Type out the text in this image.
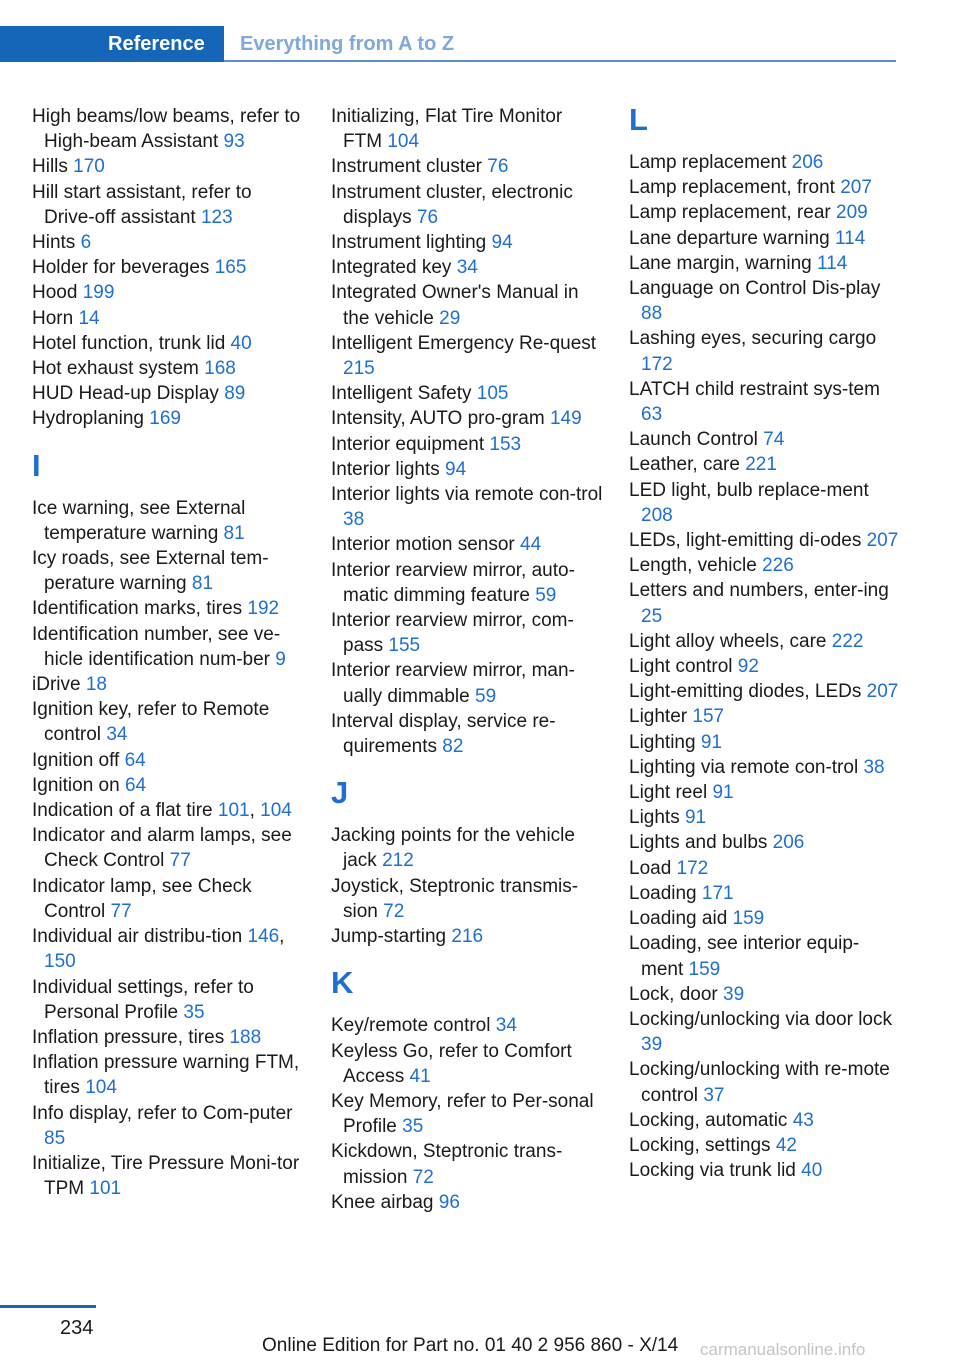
Reference	Everything from A to Z
High beams/low beams, refer to High-beam Assistant 93
Hills 170
Hill start assistant, refer to Drive-off assistant 123
Hints 6
Holder for beverages 165
Hood 199
Horn 14
Hotel function, trunk lid 40
Hot exhaust system 168
HUD Head-up Display 89
Hydroplaning 169
I
Ice warning, see External temperature warning 81
Icy roads, see External tem‐perature warning 81
Identification marks, tires 192
Identification number, see ve‐hicle identification num‐ber 9
iDrive 18
Ignition key, refer to Remote control 34
Ignition off 64
Ignition on 64
Indication of a flat tire 101, 104
Indicator and alarm lamps, see Check Control 77
Indicator lamp, see Check Control 77
Individual air distribu‐tion 146, 150
Individual settings, refer to Personal Profile 35
Inflation pressure, tires 188
Inflation pressure warning FTM, tires 104
Info display, refer to Com‐puter 85
Initialize, Tire Pressure Moni‐tor TPM 101
Initializing, Flat Tire Monitor FTM 104
Instrument cluster 76
Instrument cluster, electronic displays 76
Instrument lighting 94
Integrated key 34
Integrated Owner's Manual in the vehicle 29
Intelligent Emergency Re‐quest 215
Intelligent Safety 105
Intensity, AUTO pro‐gram 149
Interior equipment 153
Interior lights 94
Interior lights via remote con‐trol 38
Interior motion sensor 44
Interior rearview mirror, auto‐matic dimming feature 59
Interior rearview mirror, com‐pass 155
Interior rearview mirror, man‐ually dimmable 59
Interval display, service re‐quirements 82
J
Jacking points for the vehicle jack 212
Joystick, Steptronic transmis‐sion 72
Jump-starting 216
K
Key/remote control 34
Keyless Go, refer to Comfort Access 41
Key Memory, refer to Per‐sonal Profile 35
Kickdown, Steptronic trans‐mission 72
Knee airbag 96
L
Lamp replacement 206
Lamp replacement, front 207
Lamp replacement, rear 209
Lane departure warning 114
Lane margin, warning 114
Language on Control Dis‐play 88
Lashing eyes, securing cargo 172
LATCH child restraint sys‐tem 63
Launch Control 74
Leather, care 221
LED light, bulb replace‐ment 208
LEDs, light-emitting di‐odes 207
Length, vehicle 226
Letters and numbers, enter‐ing 25
Light alloy wheels, care 222
Light control 92
Light-emitting diodes, LEDs 207
Lighter 157
Lighting 91
Lighting via remote con‐trol 38
Light reel 91
Lights 91
Lights and bulbs 206
Load 172
Loading 171
Loading aid 159
Loading, see interior equip‐ment 159
Lock, door 39
Locking/unlocking via door lock 39
Locking/unlocking with re‐mote control 37
Locking, automatic 43
Locking, settings 42
Locking via trunk lid 40
234
Online Edition for Part no. 01 40 2 956 860 - X/14 carmanualsonline.info
